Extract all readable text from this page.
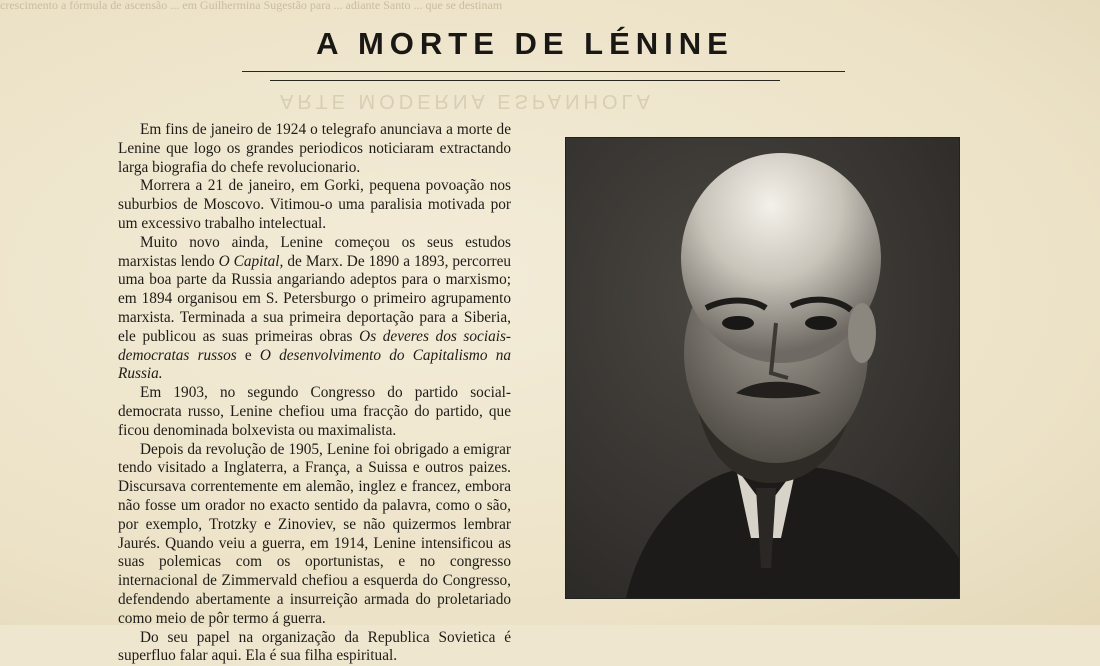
crescimento a fórmula de ascensão ... em Guilhermina Sugestão para ... adiante Santo ... que se destinam
A MORTE DE LÉNINE
ARTE MODERNA ESPANHOLA

Em fins de janeiro de 1924 o telegrafo anunciava a morte de Lenine que logo os grandes periodicos noticiaram extractando larga biografia do chefe revolucionario.

Morrera a 21 de janeiro, em Gorki, pequena povoação nos suburbios de Moscovo. Vitimou-o uma paralisia motivada por um excessivo trabalho intelectual.

Muito novo ainda, Lenine começou os seus estudos marxistas lendo O Capital, de Marx. De 1890 a 1893, percorreu uma boa parte da Russia angariando adeptos para o marxismo; em 1894 organisou em S. Petersburgo o primeiro agrupamento marxista. Terminada a sua primeira deportação para a Siberia, ele publicou as suas primeiras obras Os deveres dos sociais-democratas russos e O desenvolvimento do Capitalismo na Russia.

Em 1903, no segundo Congresso do partido social-democrata russo, Lenine chefiou uma fracção do partido, que ficou denominada bolxevista ou maximalista.

Depois da revolução de 1905, Lenine foi obrigado a emigrar tendo visitado a Inglaterra, a França, a Suissa e outros paizes. Discursava correntemente em alemão, inglez e francez, embora não fosse um orador no exacto sentido da palavra, como o são, por exemplo, Trotzky e Zinoviev, se não quizermos lembrar Jaurés. Quando veiu a guerra, em 1914, Lenine intensificou as suas polemicas com os oportunistas, e no congresso internacional de Zimmervald chefiou a esquerda do Congresso, defendendo abertamente a insurreição armada do proletariado como meio de pôr termo á guerra.

Do seu papel na organização da Republica Sovietica é superfluo falar aqui. Ela é sua filha espiritual.
